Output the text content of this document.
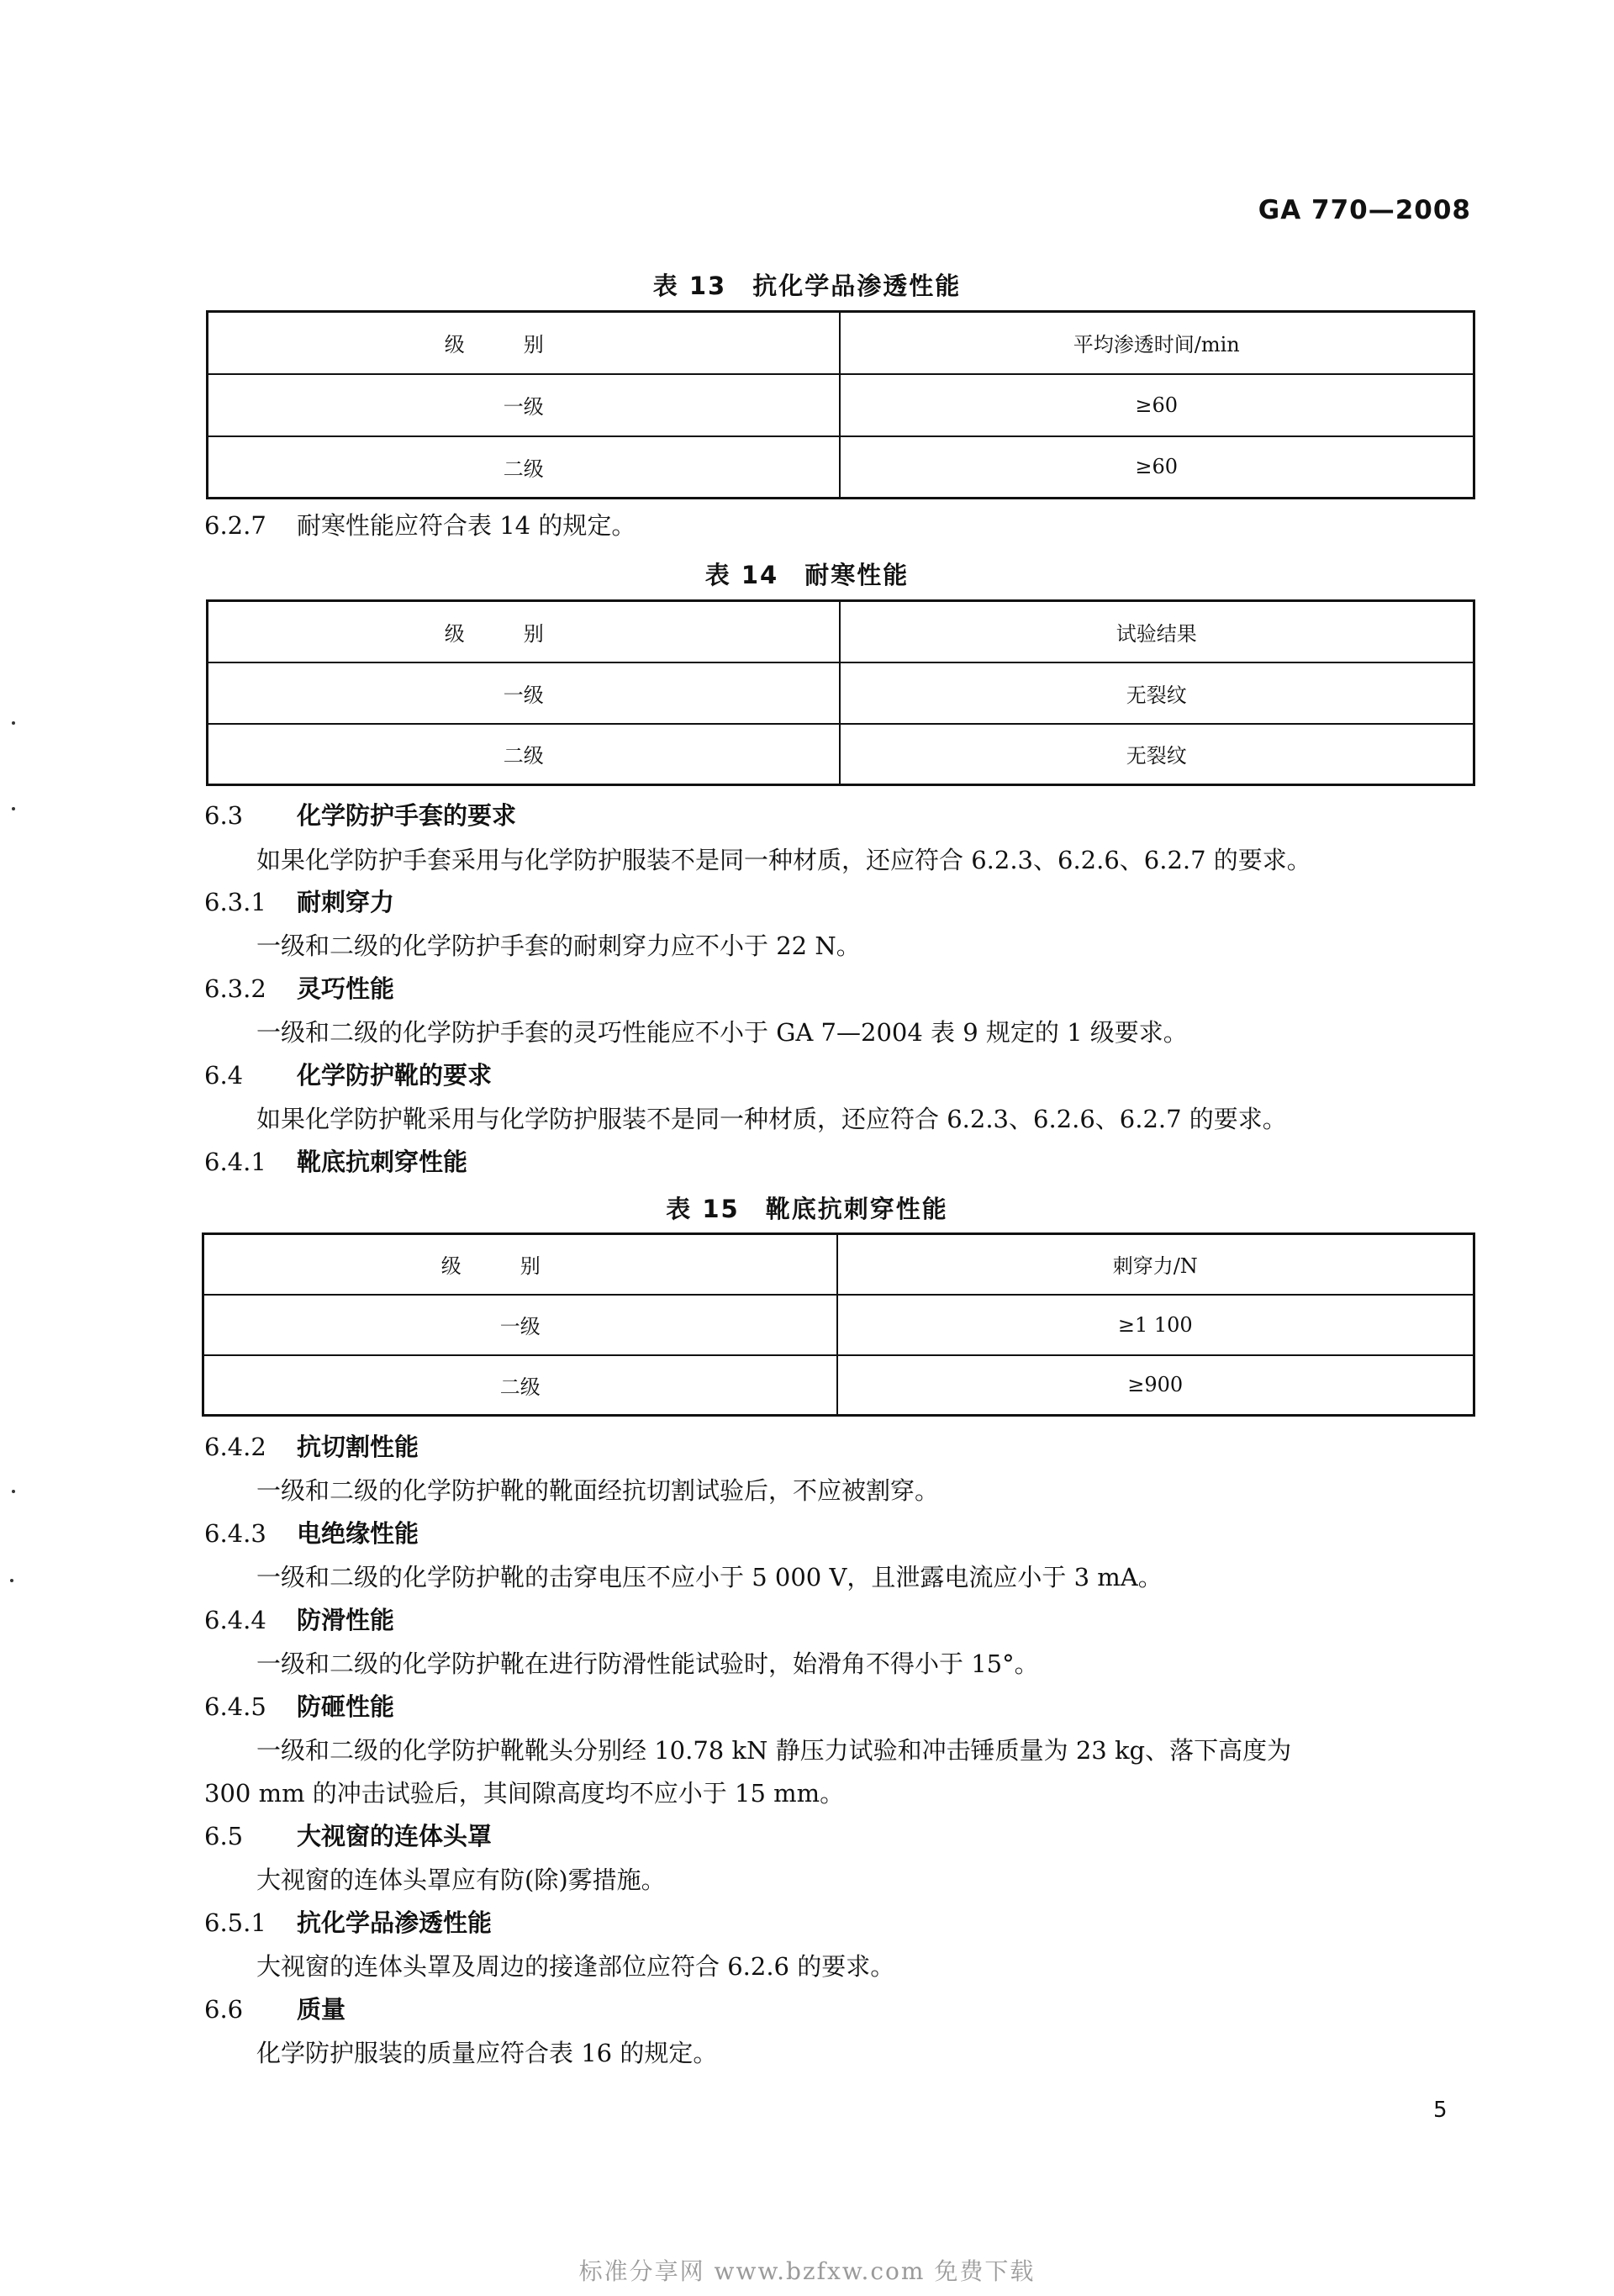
GA 770—2008
表 13　抗化学品渗透性能
级别	平均渗透时间/min
一级	≥60
二级	≥60
6.2.7 耐寒性能应符合表 14 的规定。
表 14　耐寒性能
级别	试验结果
一级	无裂纹
二级	无裂纹
6.3 化学防护手套的要求
如果化学防护手套采用与化学防护服装不是同一种材质，还应符合 6.2.3、6.2.6、6.2.7 的要求。
6.3.1 耐刺穿力
一级和二级的化学防护手套的耐刺穿力应不小于 22 N。
6.3.2 灵巧性能
一级和二级的化学防护手套的灵巧性能应不小于 GA 7—2004 表 9 规定的 1 级要求。
6.4 化学防护靴的要求
如果化学防护靴采用与化学防护服装不是同一种材质，还应符合 6.2.3、6.2.6、6.2.7 的要求。
6.4.1 靴底抗刺穿性能
表 15　靴底抗刺穿性能
级别	刺穿力/N
一级	≥1 100
二级	≥900
6.4.2 抗切割性能
一级和二级的化学防护靴的靴面经抗切割试验后，不应被割穿。
6.4.3 电绝缘性能
一级和二级的化学防护靴的击穿电压不应小于 5 000 V，且泄露电流应小于 3 mA。
6.4.4 防滑性能
一级和二级的化学防护靴在进行防滑性能试验时，始滑角不得小于 15°。
6.4.5 防砸性能
一级和二级的化学防护靴靴头分别经 10.78 kN 静压力试验和冲击锤质量为 23 kg、落下高度为
300 mm 的冲击试验后，其间隙高度均不应小于 15 mm。
6.5 大视窗的连体头罩
大视窗的连体头罩应有防(除)雾措施。
6.5.1 抗化学品渗透性能
大视窗的连体头罩及周边的接逢部位应符合 6.2.6 的要求。
6.6 质量
化学防护服装的质量应符合表 16 的规定。
5
标准分享网 www.bzfxw.com 免费下载
